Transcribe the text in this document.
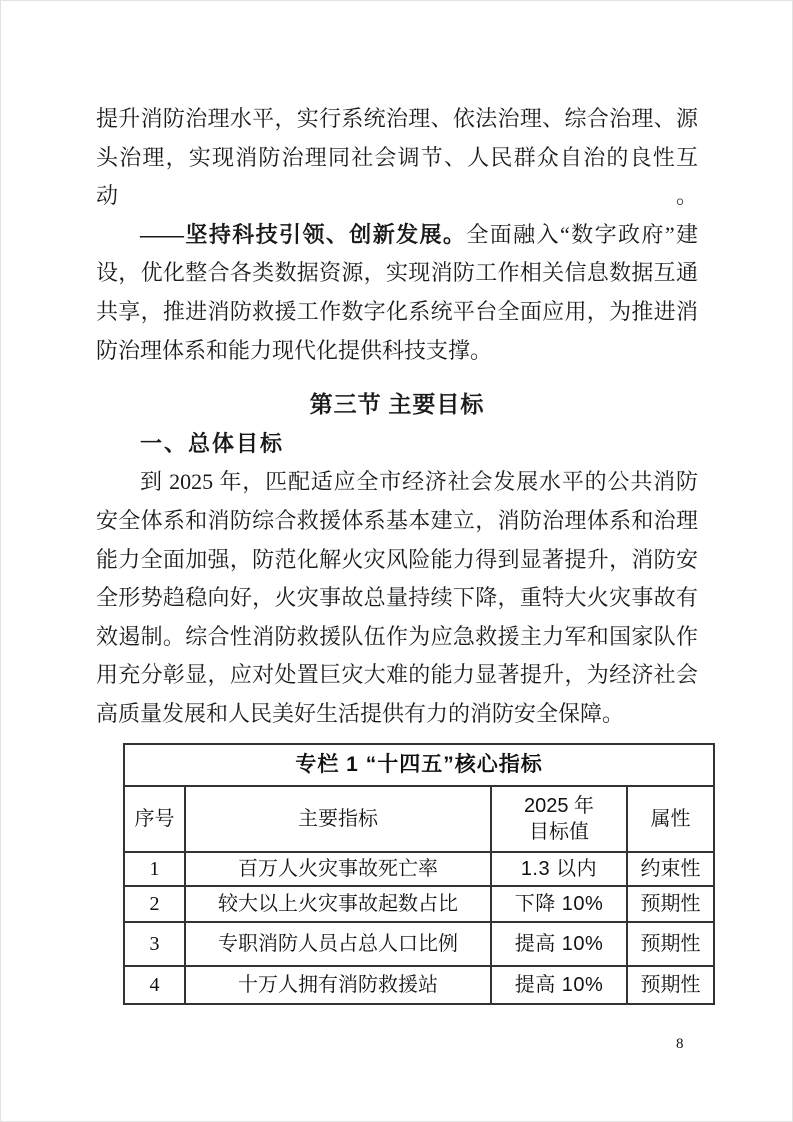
提升消防治理水平，实行系统治理、依法治理、综合治理、源
头治理，实现消防治理同社会调节、人民群众自治的良性互动。
——坚持科技引领、创新发展。全面融入“数字政府”建
设，优化整合各类数据资源，实现消防工作相关信息数据互通
共享，推进消防救援工作数字化系统平台全面应用，为推进消
防治理体系和能力现代化提供科技支撑。
第三节 主要目标
一、总体目标
到 2025 年，匹配适应全市经济社会发展水平的公共消防
安全体系和消防综合救援体系基本建立，消防治理体系和治理
能力全面加强，防范化解火灾风险能力得到显著提升，消防安
全形势趋稳向好，火灾事故总量持续下降，重特大火灾事故有
效遏制。综合性消防救援队伍作为应急救援主力军和国家队作
用充分彰显，应对处置巨灾大难的能力显著提升，为经济社会
高质量发展和人民美好生活提供有力的消防安全保障。
专栏 1 “十四五”核心指标			
序号	主要指标	2025 年
目标值	属性
1	百万人火灾事故死亡率	1.3 以内	约束性
2	较大以上火灾事故起数占比	下降 10%	预期性
3	专职消防人员占总人口比例	提高 10%	预期性
4	十万人拥有消防救援站	提高 10%	预期性
8
